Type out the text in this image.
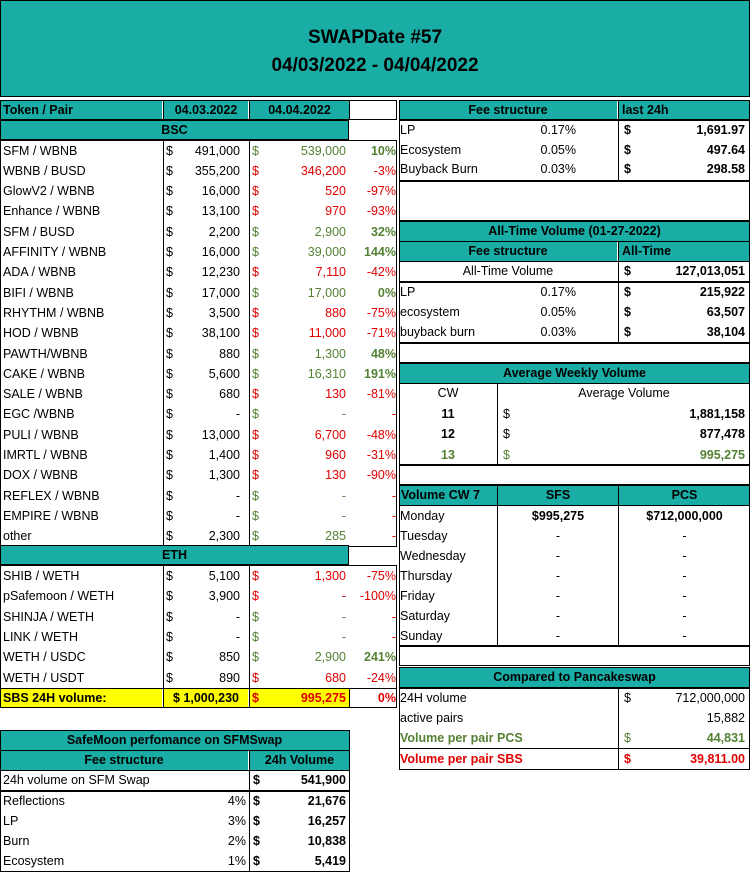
SWAPDate #57
04/03/2022 - 04/04/2022
Token / Pair	04.03.2022	04.04.2022
BSC
SFM / WBNB	$	491,000 $	539,000	10%
WBNB / BUSD	$	355,200 $	346,200	-3%
GlowV2 / WBNB	$	16,000 $	520	-97%
Enhance / WBNB	$	13,100 $	970	-93%
SFM / BUSD	$	2,200 $	2,900	32%
AFFINITY / WBNB	$	16,000 $	39,000	144%
ADA / WBNB	$	12,230 $	7,110	-42%
BIFI / WBNB	$	17,000 $	17,000	0%
RHYTHM / WBNB	$	3,500 $	880	-75%
HOD / WBNB	$	38,100 $	11,000	-71%
PAWTH/WBNB	$	880 $	1,300	48%
CAKE / WBNB	$	5,600 $	16,310	191%
SALE / WBNB	$	680 $	130	-81%
EGC /WBNB	$	- $	-	-
PULI / WBNB	$	13,000 $	6,700	-48%
IMRTL / WBNB	$	1,400 $	960	-31%
DOX / WBNB	$	1,300 $	130	-90%
REFLEX / WBNB	$	- $	-	-
EMPIRE / WBNB	$	- $	-	-
other	$	2,300 $	285	-
ETH
SHIB / WETH	$	5,100 $	1,300	-75%
pSafemoon / WETH	$	3,900 $	-	-100%
SHINJA / WETH	$	- $	-	-
LINK / WETH	$	- $	-	-
WETH / USDC	$	850 $	2,900	241%
WETH / USDT	$	890 $	680	-24%
SBS 24H volume:	$ 1,000,230	$	995,275	0%
Fee structure	last 24h
LP	0.17%	$	1,691.97
Ecosystem	0.05%	$	497.64
Buyback Burn	0.03%	$	298.58
All-Time Volume (01-27-2022)
Fee structure	All-Time
All-Time Volume	$	127,013,051
LP	0.17%	$	215,922
ecosystem	0.05%	$	63,507
buyback burn	0.03%	$	38,104
Average Weekly Volume
CW	Average Volume
11	$	1,881,158
12	$	877,478
13	$	995,275
Volume CW 7	SFS	PCS
Monday	$995,275	$712,000,000
Tuesday	-	-
Wednesday	-	-
Thursday	-	-
Friday	-	-
Saturday	-	-
Sunday	-	-
Compared to Pancakeswap
24H volume	$	712,000,000
active pairs	15,882
Volume per pair PCS	$	44,831
Volume per pair SBS	$	39,811.00
SafeMoon perfomance on SFMSwap
Fee structure	24h Volume
24h volume on SFM Swap	$	541,900
Reflections	4% $	21,676
LP	3% $	16,257
Burn	2% $	10,838
Ecosystem	1% $	5,419
